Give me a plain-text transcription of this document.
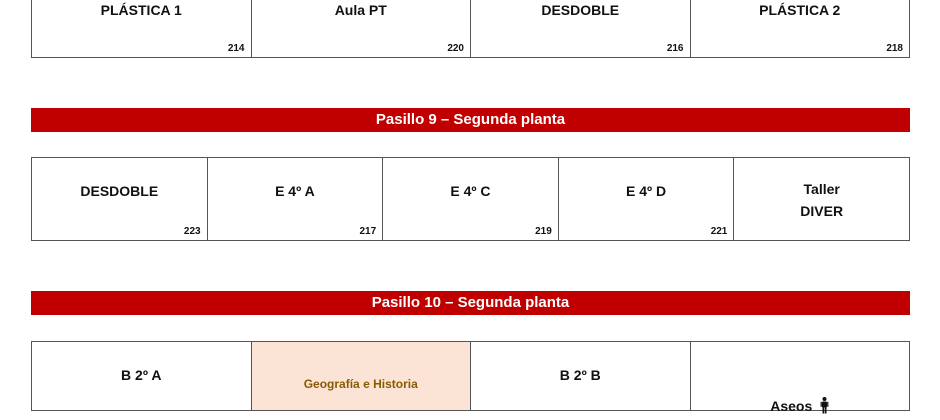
PLÁSTICA 1
214
Aula PT
220
DESDOBLE
216
PLÁSTICA 2
218
Pasillo 9 – Segunda planta
DESDOBLE
223
E 4º A
217
E 4º C
219
E 4º D
221
Taller
DIVER
Pasillo 10 – Segunda planta
B 2º A
Geografía e Historia
B 2º B

Aseos
